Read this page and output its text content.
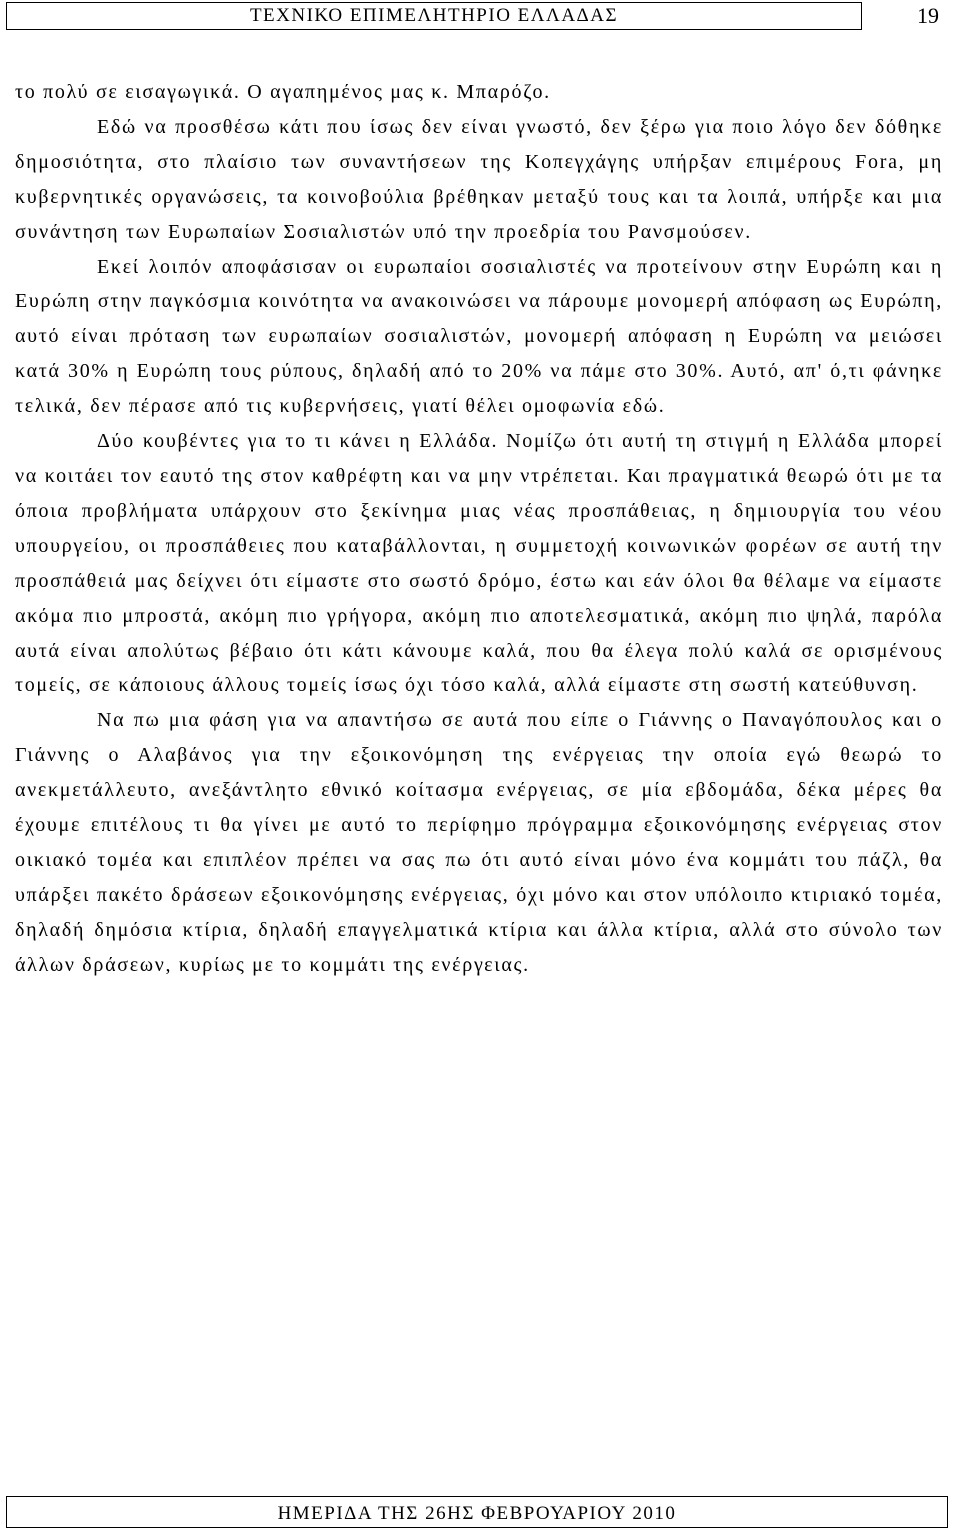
ΤΕΧΝΙΚΟ ΕΠΙΜΕΛΗΤΗΡΙΟ ΕΛΛΑΔΑΣ	19

το πολύ σε εισαγωγικά. Ο αγαπημένος μας κ. Μπαρόζο.

Εδώ να προσθέσω κάτι που ίσως δεν είναι γνωστό, δεν ξέρω για ποιο λόγο δεν δόθηκε δημοσιότητα, στο πλαίσιο των συναντήσεων της Κοπεγχάγης υπήρξαν επιμέρους Fora, μη κυβερνητικές οργανώσεις, τα κοινοβούλια βρέθηκαν μεταξύ τους και τα λοιπά, υπήρξε και μια συνάντηση των Ευρωπαίων Σοσιαλιστών υπό την προεδρία του Ρανσμούσεν.

Εκεί λοιπόν αποφάσισαν οι ευρωπαίοι σοσιαλιστές να προτείνουν στην Ευρώπη και η Ευρώπη στην παγκόσμια κοινότητα να ανακοινώσει να πάρουμε μονομερή απόφαση ως Ευρώπη, αυτό είναι πρόταση των ευρωπαίων σοσιαλιστών, μονομερή απόφαση η Ευρώπη να μειώσει κατά 30% η Ευρώπη τους ρύπους, δηλαδή από το 20% να πάμε στο 30%. Αυτό, απ' ό,τι φάνηκε τελικά, δεν πέρασε από τις κυβερνήσεις, γιατί θέλει ομοφωνία εδώ.

Δύο κουβέντες για το τι κάνει η Ελλάδα. Νομίζω ότι αυτή τη στιγμή η Ελλάδα μπορεί να κοιτάει τον εαυτό της στον καθρέφτη και να μην ντρέπεται. Και πραγματικά θεωρώ ότι με τα όποια προβλήματα υπάρχουν στο ξεκίνημα μιας νέας προσπάθειας, η δημιουργία του νέου υπουργείου, οι προσπάθειες που καταβάλλονται, η συμμετοχή κοινωνικών φορέων σε αυτή την προσπάθειά μας δείχνει ότι είμαστε στο σωστό δρόμο, έστω και εάν όλοι θα θέλαμε να είμαστε ακόμα πιο μπροστά, ακόμη πιο γρήγορα, ακόμη πιο αποτελεσματικά, ακόμη πιο ψηλά, παρόλα αυτά είναι απολύτως βέβαιο ότι κάτι κάνουμε καλά, που θα έλεγα πολύ καλά σε ορισμένους τομείς, σε κάποιους άλλους τομείς ίσως όχι τόσο καλά, αλλά είμαστε στη σωστή κατεύθυνση.

Να πω μια φάση για να απαντήσω σε αυτά που είπε ο Γιάννης ο Παναγόπουλος και ο Γιάννης ο Αλαβάνος για την εξοικονόμηση της ενέργειας την οποία εγώ θεωρώ το ανεκμετάλλευτο, ανεξάντλητο εθνικό κοίτασμα ενέργειας, σε μία εβδομάδα, δέκα μέρες θα έχουμε επιτέλους τι θα γίνει με αυτό το περίφημο πρόγραμμα εξοικονόμησης ενέργειας στον οικιακό τομέα και επιπλέον πρέπει να σας πω ότι αυτό είναι μόνο ένα κομμάτι του πάζλ, θα υπάρξει πακέτο δράσεων εξοικονόμησης ενέργειας, όχι μόνο και στον υπόλοιπο κτιριακό τομέα, δηλαδή δημόσια κτίρια, δηλαδή επαγγελματικά κτίρια και άλλα κτίρια, αλλά στο σύνολο των άλλων δράσεων, κυρίως με το κομμάτι της ενέργειας.

ΗΜΕΡΙΔΑ ΤΗΣ 26ΗΣ ΦΕΒΡΟΥΑΡΙΟΥ 2010
